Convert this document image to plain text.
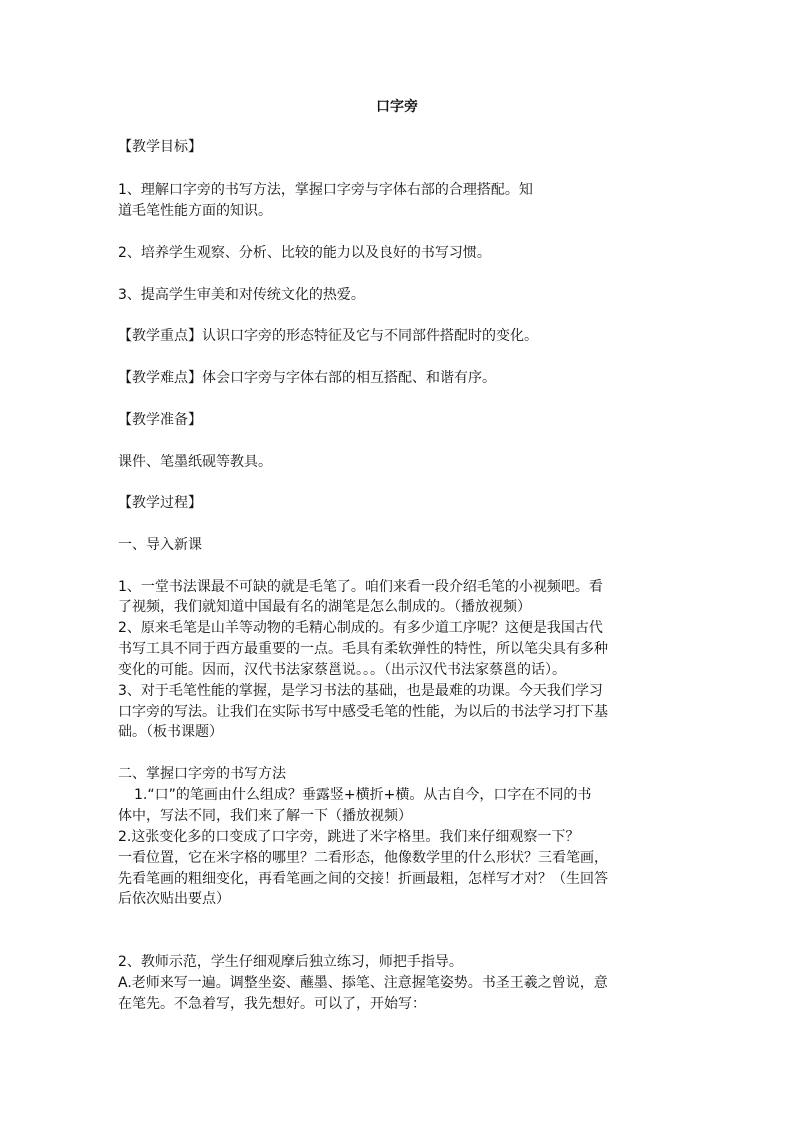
口字旁
【教学目标】
1、理解口字旁的书写方法，掌握口字旁与字体右部的合理搭配。知
道毛笔性能方面的知识。
2、培养学生观察、分析、比较的能力以及良好的书写习惯。
3、提高学生审美和对传统文化的热爱。
【教学重点】认识口字旁的形态特征及它与不同部件搭配时的变化。
【教学难点】体会口字旁与字体右部的相互搭配、和谐有序。
【教学准备】
课件、笔墨纸砚等教具。
【教学过程】
一、导入新课
1、一堂书法课最不可缺的就是毛笔了。咱们来看一段介绍毛笔的小视频吧。看
了视频，我们就知道中国最有名的湖笔是怎么制成的。（播放视频）
2、原来毛笔是山羊等动物的毛精心制成的。有多少道工序呢？这便是我国古代
书写工具不同于西方最重要的一点。毛具有柔软弹性的特性，所以笔尖具有多种
变化的可能。因而，汉代书法家蔡邕说。。。（出示汉代书法家蔡邕的话）。
3、对于毛笔性能的掌握，是学习书法的基础，也是最难的功课。今天我们学习
口字旁的写法。让我们在实际书写中感受毛笔的性能，为以后的书法学习打下基
础。（板书课题）
二、掌握口字旁的书写方法
1.“口”的笔画由什么组成？垂露竖+横折+横。从古自今，口字在不同的书
体中，写法不同，我们来了解一下（播放视频）
2.这张变化多的口变成了口字旁，跳进了米字格里。我们来仔细观察一下？
一看位置，它在米字格的哪里？二看形态，他像数学里的什么形状？三看笔画，
先看笔画的粗细变化，再看笔画之间的交接！折画最粗，怎样写才对？（生回答
后依次贴出要点）
2、教师示范，学生仔细观摩后独立练习，师把手指导。
A.老师来写一遍。调整坐姿、蘸墨、掭笔、注意握笔姿势。书圣王羲之曾说，意
在笔先。不急着写，我先想好。可以了，开始写：
